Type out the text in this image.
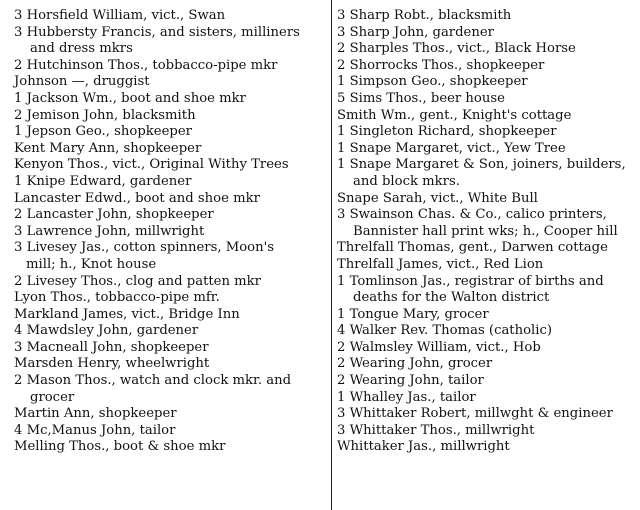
3 Horsfield William, vict., Swan
3 Hubbersty Francis, and sisters, milliners
and dress mkrs
2 Hutchinson Thos., tobbacco-pipe mkr
Johnson —, druggist
1 Jackson Wm., boot and shoe mkr
2 Jemison John, blacksmith
1 Jepson Geo., shopkeeper
Kent Mary Ann, shopkeeper
Kenyon Thos., vict., Original Withy Trees
1 Knipe Edward, gardener
Lancaster Edwd., boot and shoe mkr
2 Lancaster John, shopkeeper
3 Lawrence John, millwright
3 Livesey Jas., cotton spinners, Moon's
mill; h., Knot house
2 Livesey Thos., clog and patten mkr
Lyon Thos., tobbacco-pipe mfr.
Markland James, vict., Bridge Inn
4 Mawdsley John, gardener
3 Macneall John, shopkeeper
Marsden Henry, wheelwright
2 Mason Thos., watch and clock mkr. and
grocer
Martin Ann, shopkeeper
4 Mc,Manus John, tailor
Melling Thos., boot & shoe mkr
3 Sharp Robt., blacksmith
3 Sharp John, gardener
2 Sharples Thos., vict., Black Horse
2 Shorrocks Thos., shopkeeper
1 Simpson Geo., shopkeeper
5 Sims Thos., beer house
Smith Wm., gent., Knight's cottage
1 Singleton Richard, shopkeeper
1 Snape Margaret, vict., Yew Tree
1 Snape Margaret & Son, joiners, builders,
and block mkrs.
Snape Sarah, vict., White Bull
3 Swainson Chas. & Co., calico printers,
Bannister hall print wks; h., Cooper hill
Threlfall Thomas, gent., Darwen cottage
Threlfall James, vict., Red Lion
1 Tomlinson Jas., registrar of births and
deaths for the Walton district
1 Tongue Mary, grocer
4 Walker Rev. Thomas (catholic)
2 Walmsley William, vict., Hob
2 Wearing John, grocer
2 Wearing John, tailor
1 Whalley Jas., tailor
3 Whittaker Robert, millwght & engineer
3 Whittaker Thos., millwright
Whittaker Jas., millwright
